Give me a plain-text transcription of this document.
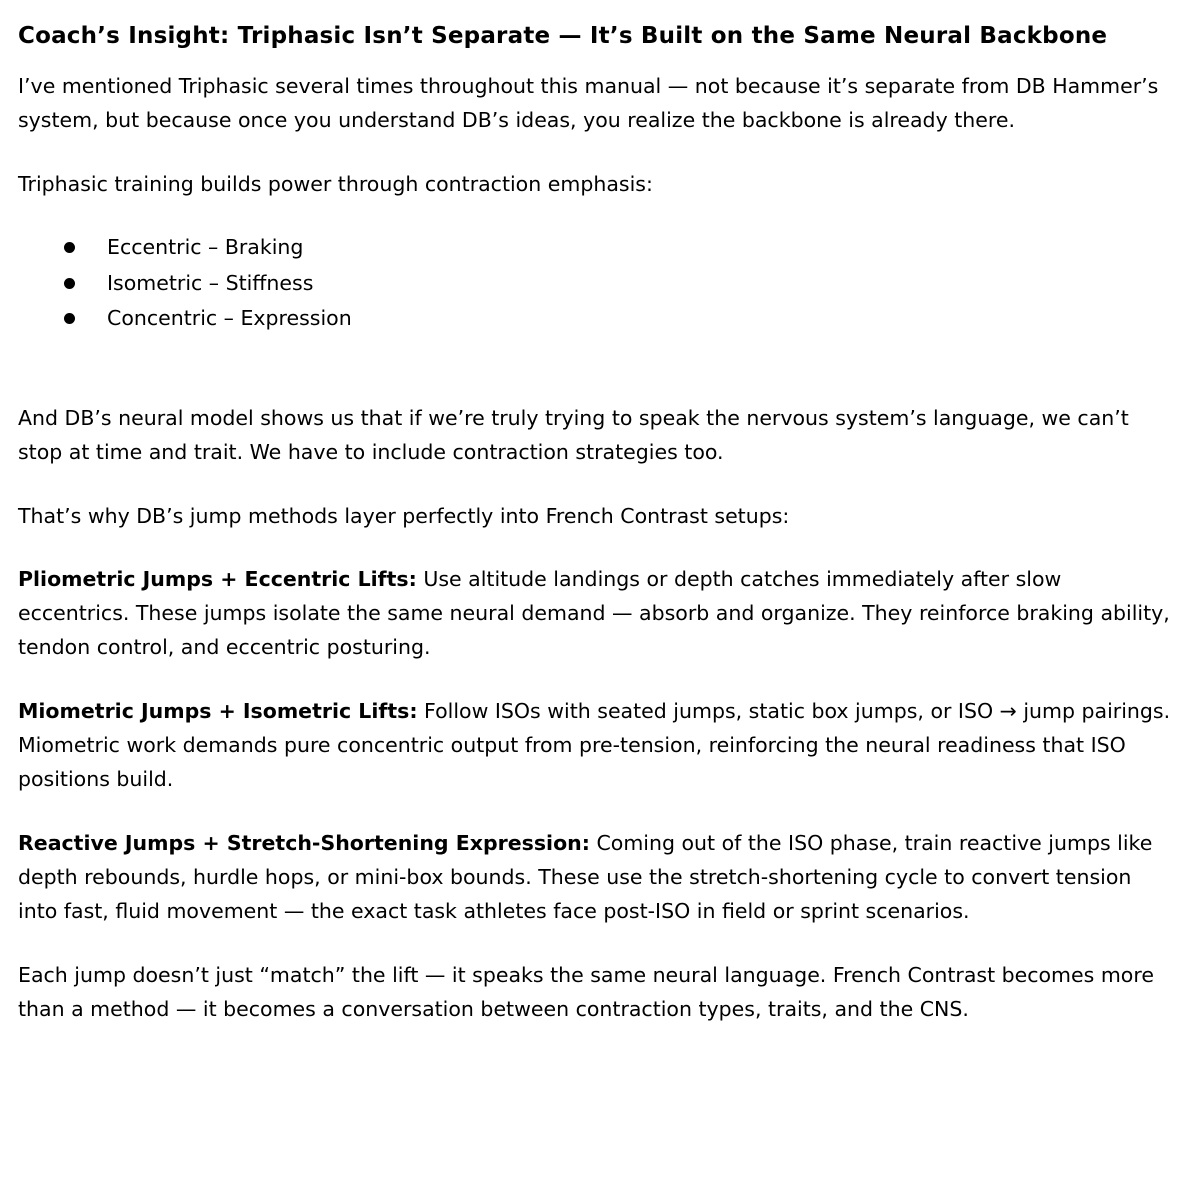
Coach’s Insight: Triphasic Isn’t Separate — It’s Built on the Same Neural Backbone

I’ve mentioned Triphasic several times throughout this manual — not because it’s separate from DB Hammer’s system, but because once you understand DB’s ideas, you realize the backbone is already there.

Triphasic training builds power through contraction emphasis:

Eccentric – Braking
Isometric – Stiffness
Concentric – Expression

And DB’s neural model shows us that if we’re truly trying to speak the nervous system’s language, we can’t stop at time and trait. We have to include contraction strategies too.

That’s why DB’s jump methods layer perfectly into French Contrast setups:

Pliometric Jumps + Eccentric Lifts: Use altitude landings or depth catches immediately after slow eccentrics. These jumps isolate the same neural demand — absorb and organize. They reinforce braking ability, tendon control, and eccentric posturing.

Miometric Jumps + Isometric Lifts: Follow ISOs with seated jumps, static box jumps, or ISO → jump pairings. Miometric work demands pure concentric output from pre-tension, reinforcing the neural readiness that ISO positions build.

Reactive Jumps + Stretch-Shortening Expression: Coming out of the ISO phase, train reactive jumps like depth rebounds, hurdle hops, or mini-box bounds. These use the stretch-shortening cycle to convert tension into fast, fluid movement — the exact task athletes face post-ISO in field or sprint scenarios.

Each jump doesn’t just “match” the lift — it speaks the same neural language. French Contrast becomes more than a method — it becomes a conversation between contraction types, traits, and the CNS.
